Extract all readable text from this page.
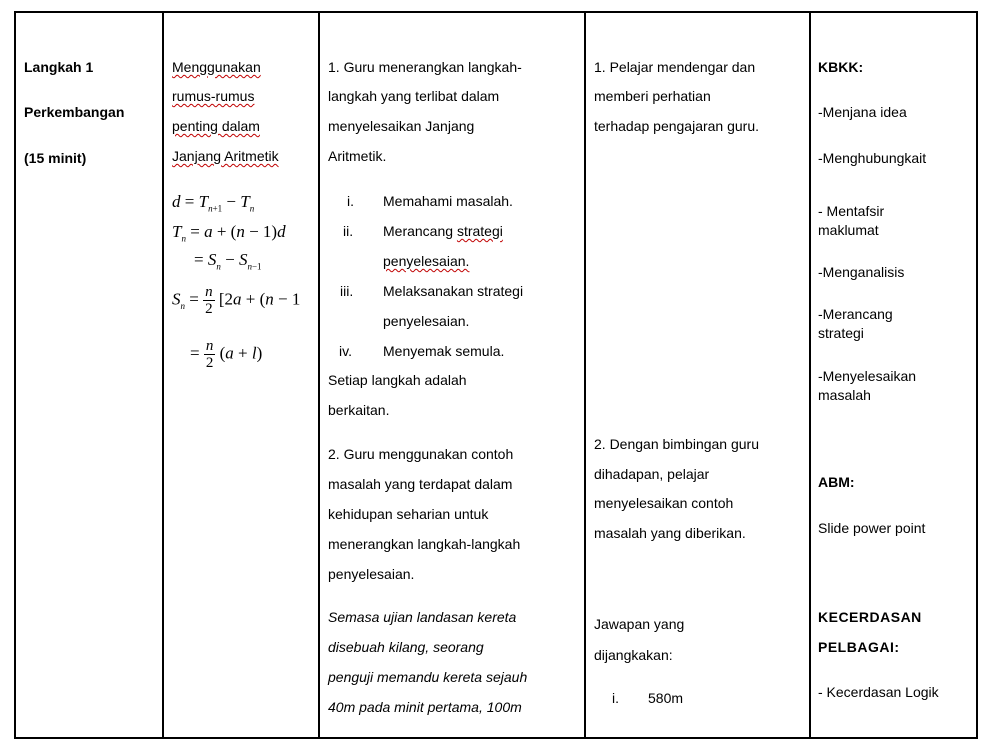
Langkah 1
Perkembangan
(15 minit)
Menggunakan
rumus-rumus
penting dalam
Janjang Aritmetik
$d = T_{n+1} - T_n$
$T_n = a + (n - 1)d$
= $S_n - S_{n-1}$
$S_n = \frac{n}{2} [2a + (n - 1$
= $\frac{n}{2} (a + l)$
1. Guru menerangkan langkah-
langkah yang terlibat dalam
menyelesaikan Janjang
Aritmetik.
i. Memahami masalah.
ii. Merancang strategi
penyelesaian.
iii. Melaksanakan strategi
penyelesaian.
iv. Menyemak semula.
Setiap langkah adalah
berkaitan.
2. Guru menggunakan contoh
masalah yang terdapat dalam
kehidupan seharian untuk
menerangkan langkah-langkah
penyelesaian.
Semasa ujian landasan kereta
disebuah kilang, seorang
penguji memandu kereta sejauh
40m pada minit pertama, 100m
1. Pelajar mendengar dan
memberi perhatian
terhadap pengajaran guru.
2. Dengan bimbingan guru
dihadapan, pelajar
menyelesaikan contoh
masalah yang diberikan.
Jawapan yang
dijangkakan:
i. 580m
KBKK:
-Menjana idea
-Menghubungkait
- Mentafsir
maklumat
-Menganalisis
-Merancang
strategi
-Menyelesaikan
masalah
ABM:
Slide power point
KECERDASAN
PELBAGAI:
- Kecerdasan Logik
